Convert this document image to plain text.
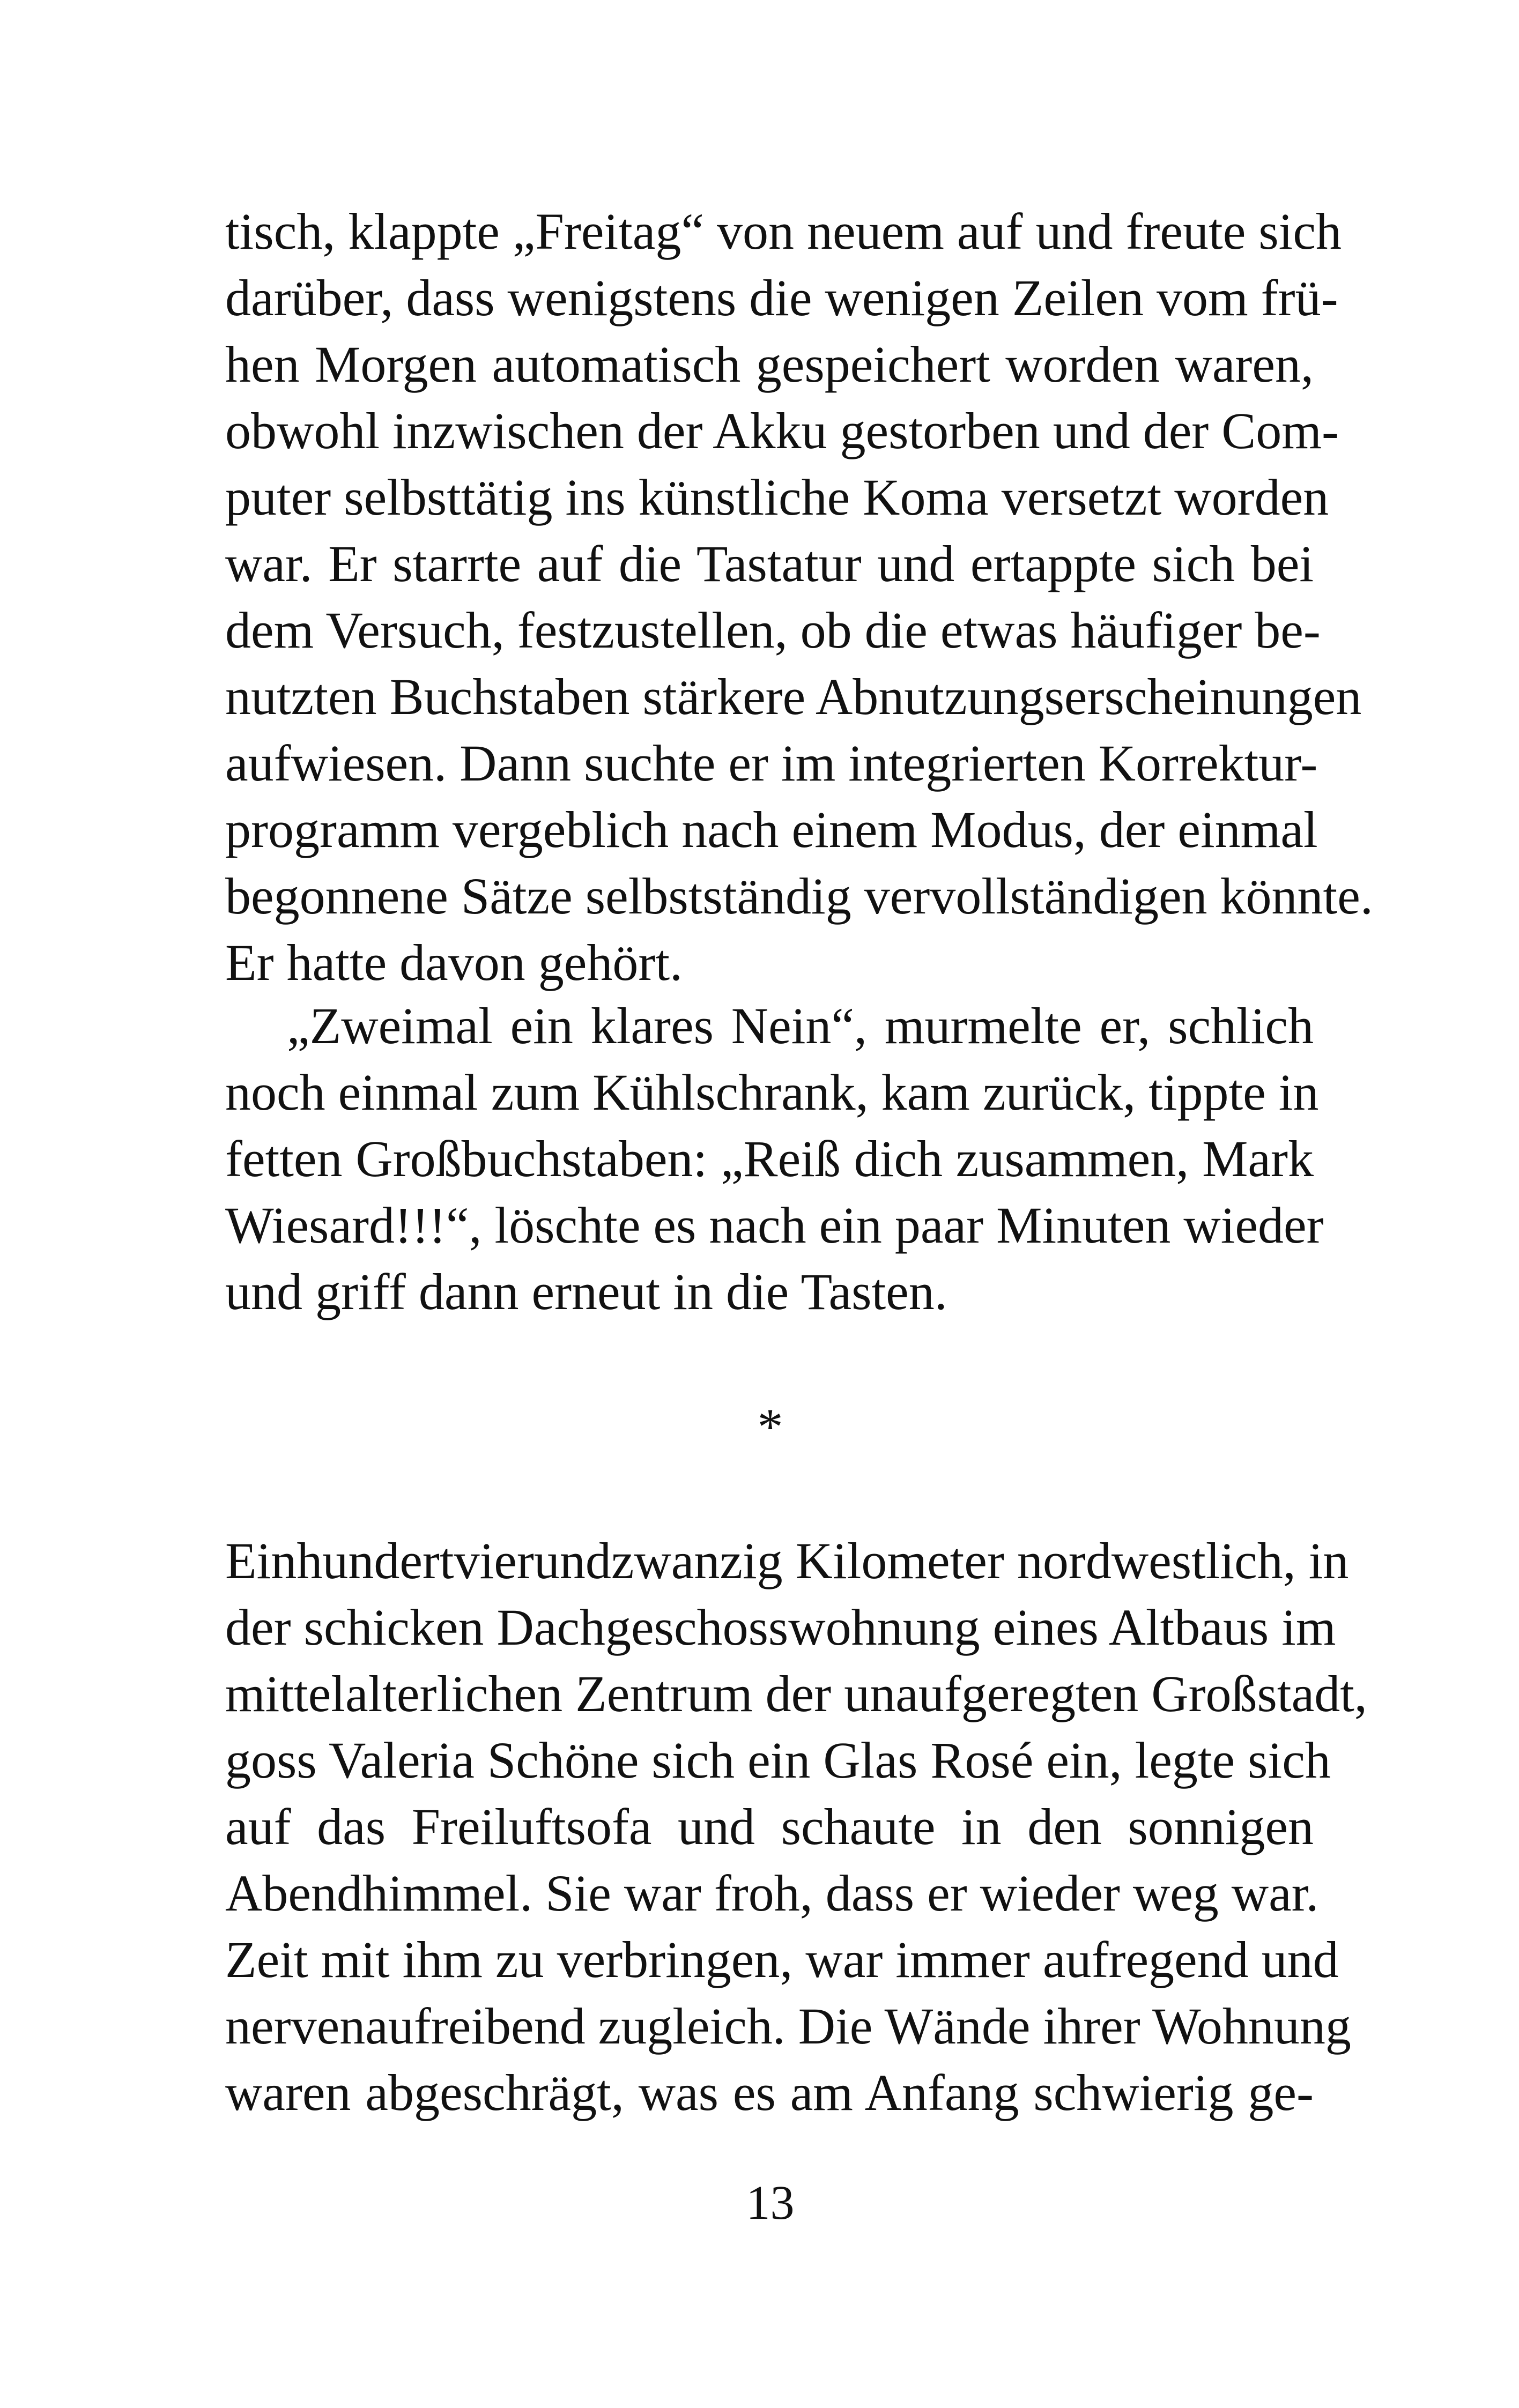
tisch, klappte „Freitag“ von neuem auf und freute sich
darüber, dass wenigstens die wenigen Zeilen vom frü-
hen Morgen automatisch gespeichert worden waren,
obwohl inzwischen der Akku gestorben und der Com-
puter selbsttätig ins künstliche Koma versetzt worden
war. Er starrte auf die Tastatur und ertappte sich bei
dem Versuch, festzustellen, ob die etwas häufiger be-
nutzten Buchstaben stärkere Abnutzungserscheinungen
aufwiesen. Dann suchte er im integrierten Korrektur-
programm vergeblich nach einem Modus, der einmal
begonnene Sätze selbstständig vervollständigen könnte.
Er hatte davon gehört.
„Zweimal ein klares Nein“, murmelte er, schlich
noch einmal zum Kühlschrank, kam zurück, tippte in
fetten Großbuchstaben: „Reiß dich zusammen, Mark
Wiesard!!!“, löschte es nach ein paar Minuten wieder
und griff dann erneut in die Tasten.
*
Einhundertvierundzwanzig Kilometer nordwestlich, in
der schicken Dachgeschosswohnung eines Altbaus im
mittelalterlichen Zentrum der unaufgeregten Großstadt,
goss Valeria Schöne sich ein Glas Rosé ein, legte sich
auf das Freiluftsofa und schaute in den sonnigen
Abendhimmel. Sie war froh, dass er wieder weg war.
Zeit mit ihm zu verbringen, war immer aufregend und
nervenaufreibend zugleich. Die Wände ihrer Wohnung
waren abgeschrägt, was es am Anfang schwierig ge-
13
